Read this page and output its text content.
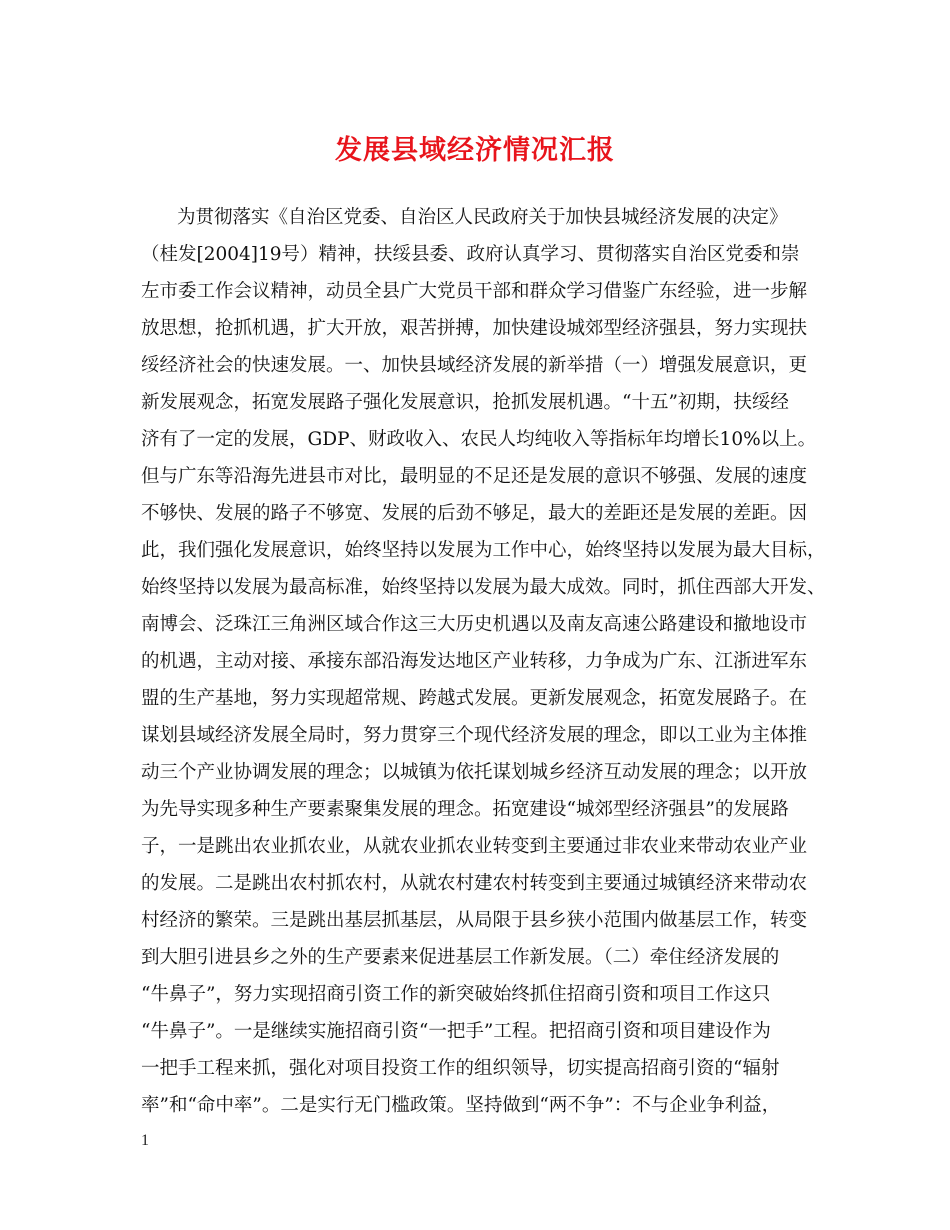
发展县域经济情况汇报

为贯彻落实《自治区党委、自治区人民政府关于加快县城经济发展的决定》

（桂发[2004]19号）精神，扶绥县委、政府认真学习、贯彻落实自治区党委和崇

左市委工作会议精神，动员全县广大党员干部和群众学习借鉴广东经验，进一步解

放思想，抢抓机遇，扩大开放，艰苦拼搏，加快建设城郊型经济强县，努力实现扶

绥经济社会的快速发展。一、加快县域经济发展的新举措（一）增强发展意识，更

新发展观念，拓宽发展路子强化发展意识，抢抓发展机遇。“十五”初期，扶绥经

济有了一定的发展，GDP、财政收入、农民人均纯收入等指标年均增长10%以上。

但与广东等沿海先进县市对比，最明显的不足还是发展的意识不够强、发展的速度

不够快、发展的路子不够宽、发展的后劲不够足，最大的差距还是发展的差距。因

此，我们强化发展意识，始终坚持以发展为工作中心，始终坚持以发展为最大目标，

始终坚持以发展为最高标准，始终坚持以发展为最大成效。同时，抓住西部大开发、

南博会、泛珠江三角洲区域合作这三大历史机遇以及南友高速公路建设和撤地设市

的机遇，主动对接、承接东部沿海发达地区产业转移，力争成为广东、江浙进军东

盟的生产基地，努力实现超常规、跨越式发展。更新发展观念，拓宽发展路子。在

谋划县域经济发展全局时，努力贯穿三个现代经济发展的理念，即以工业为主体推

动三个产业协调发展的理念；以城镇为依托谋划城乡经济互动发展的理念；以开放

为先导实现多种生产要素聚集发展的理念。拓宽建设“城郊型经济强县”的发展路

子，一是跳出农业抓农业，从就农业抓农业转变到主要通过非农业来带动农业产业

的发展。二是跳出农村抓农村，从就农村建农村转变到主要通过城镇经济来带动农

村经济的繁荣。三是跳出基层抓基层，从局限于县乡狭小范围内做基层工作，转变

到大胆引进县乡之外的生产要素来促进基层工作新发展。（二）牵住经济发展的

“牛鼻子”，努力实现招商引资工作的新突破始终抓住招商引资和项目工作这只

“牛鼻子”。一是继续实施招商引资“一把手”工程。把招商引资和项目建设作为

一把手工程来抓，强化对项目投资工作的组织领导，切实提高招商引资的“辐射

率”和“命中率”。二是实行无门槛政策。坚持做到“两不争”：不与企业争利益，

1
